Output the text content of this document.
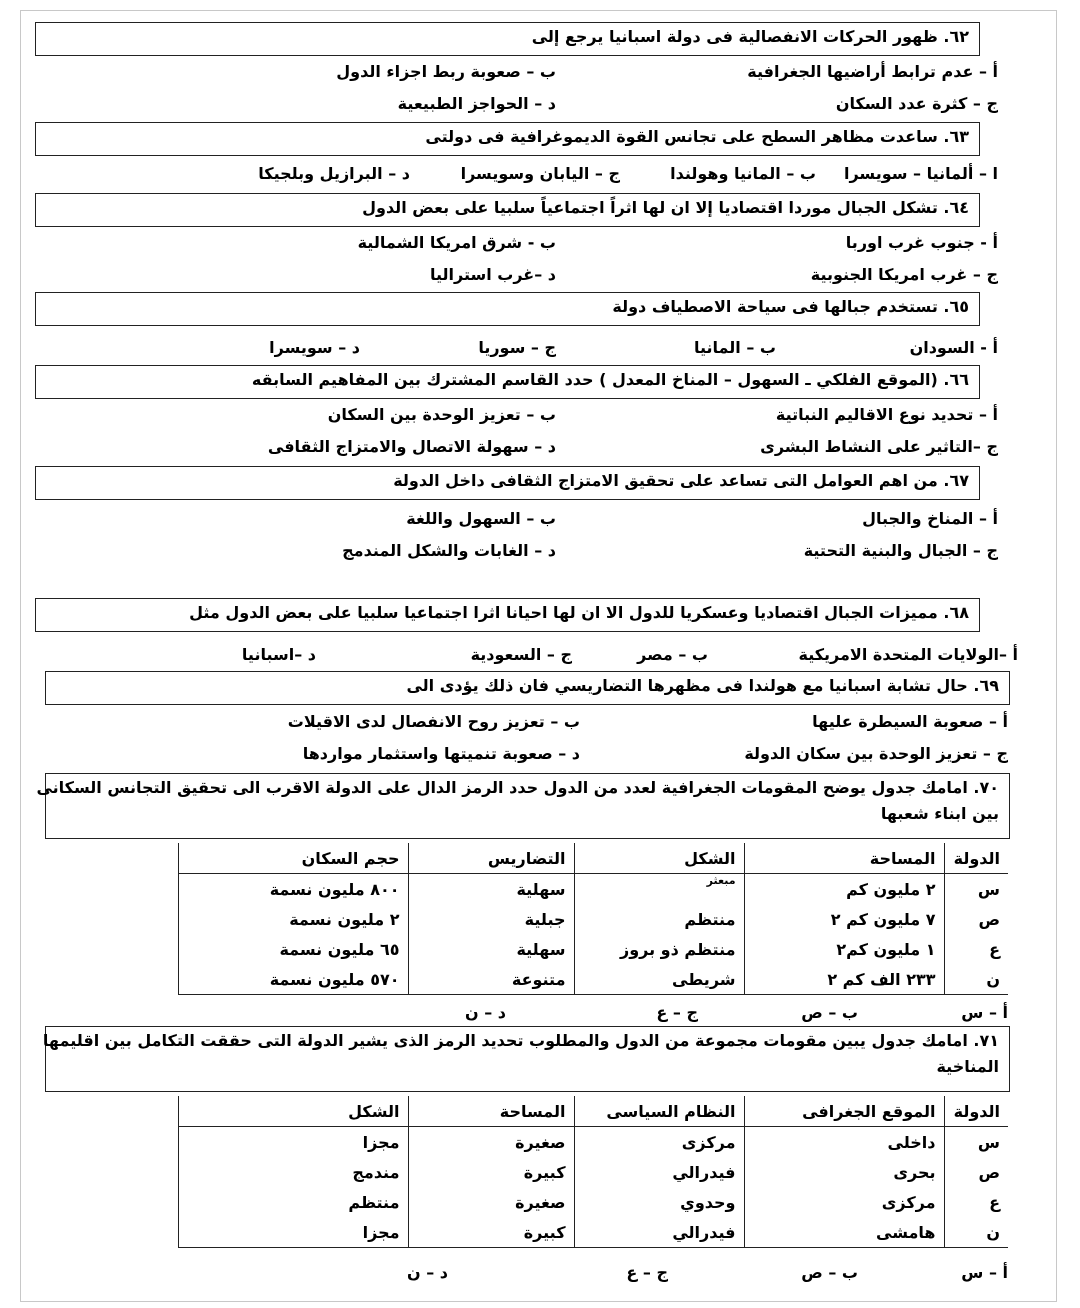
٦٢. ظهور الحركات الانفصالية فى دولة اسبانيا يرجع إلى
أ – عدم ترابط أراضيها الجغرافية
ب – صعوبة ربط اجزاء الدول
ج – كثرة عدد السكان
د – الحواجز الطبيعية
٦٣. ساعدت مظاهر السطح على تجانس القوة الديموغرافية فى دولتى
ا – ألمانيا – سويسرا
ب – المانيا وهولندا
ج – اليابان وسويسرا
د – البرازيل وبلجيكا
٦٤. تشكل الجبال موردا اقتصاديا إلا ان لها اثراً اجتماعياً سلبيا على بعض الدول
أ - جنوب غرب اوربا
ب - شرق امريكا الشمالية
ج – غرب امريكا الجنوبية
د –غرب استراليا
٦٥. تستخدم جبالها فى سياحة الاصطياف دولة
أ - السودان
ب – المانيا
ج – سوريا
د – سويسرا
٦٦. (الموقع الفلكي ـ السهول – المناخ المعدل ) حدد القاسم المشترك بين المفاهيم السابقه
أ – تحديد نوع الاقاليم النباتية
ب – تعزيز الوحدة بين السكان
ج –التاثير على النشاط البشرى
د – سهولة الاتصال والامتزاج الثقافى
٦٧. من اهم العوامل التى تساعد على تحقيق الامتزاج الثقافى داخل الدولة
أ – المناخ والجبال
ب – السهول واللغة
ج – الجبال والبنية التحتية
د – الغابات والشكل المندمج
٦٨. مميزات الجبال اقتصاديا وعسكريا للدول الا ان لها احيانا اثرا اجتماعيا سلبيا على بعض الدول مثل
أ –الولايات المتحدة الامريكية
ب – مصر
ج – السعودية
د –اسبانيا
٦٩. حال تشابة اسبانيا مع هولندا فى مظهرها التضاريسي فان ذلك يؤدى الى
أ – صعوبة السيطرة عليها
ب – تعزيز روح الانفصال لدى الاقيلات
ج – تعزيز الوحدة بين سكان الدولة
د – صعوبة تنميتها واستثمار مواردها
٧٠. امامك جدول يوضح المقومات الجغرافية لعدد من الدول حدد الرمز الدال على الدولة الاقرب الى تحقيق التجانس السكانى
بين ابناء شعبها
الدولة	المساحة	الشكل	التضاريس	حجم السكان
س	٢ مليون كم	مبعثر	سهلية	٨٠٠ مليون نسمة
ص	٧ مليون كم ٢	منتظم	جبلية	٢ مليون نسمة
ع	١ مليون كم٢	منتظم ذو بروز	سهلية	٦٥ مليون نسمة
ن	٢٣٣ الف كم ٢	شريطى	متنوعة	٥٧٠ مليون نسمة
أ – س
ب – ص
ج – ع
د – ن
٧١. امامك جدول يبين مقومات مجموعة من الدول والمطلوب تحديد الرمز الذى يشير الدولة التى حققت التكامل بين اقليمها
المناخية
الدولة	الموقع الجغرافى	النظام السياسى	المساحة	الشكل
س	داخلى	مركزى	صغيرة	مجزا
ص	بحرى	فيدرالي	كبيرة	مندمج
ع	مركزى	وحدوي	صغيرة	منتظم
ن	هامشى	فيدرالي	كبيرة	مجزا
أ – س
ب – ص
ج – ع
د – ن
